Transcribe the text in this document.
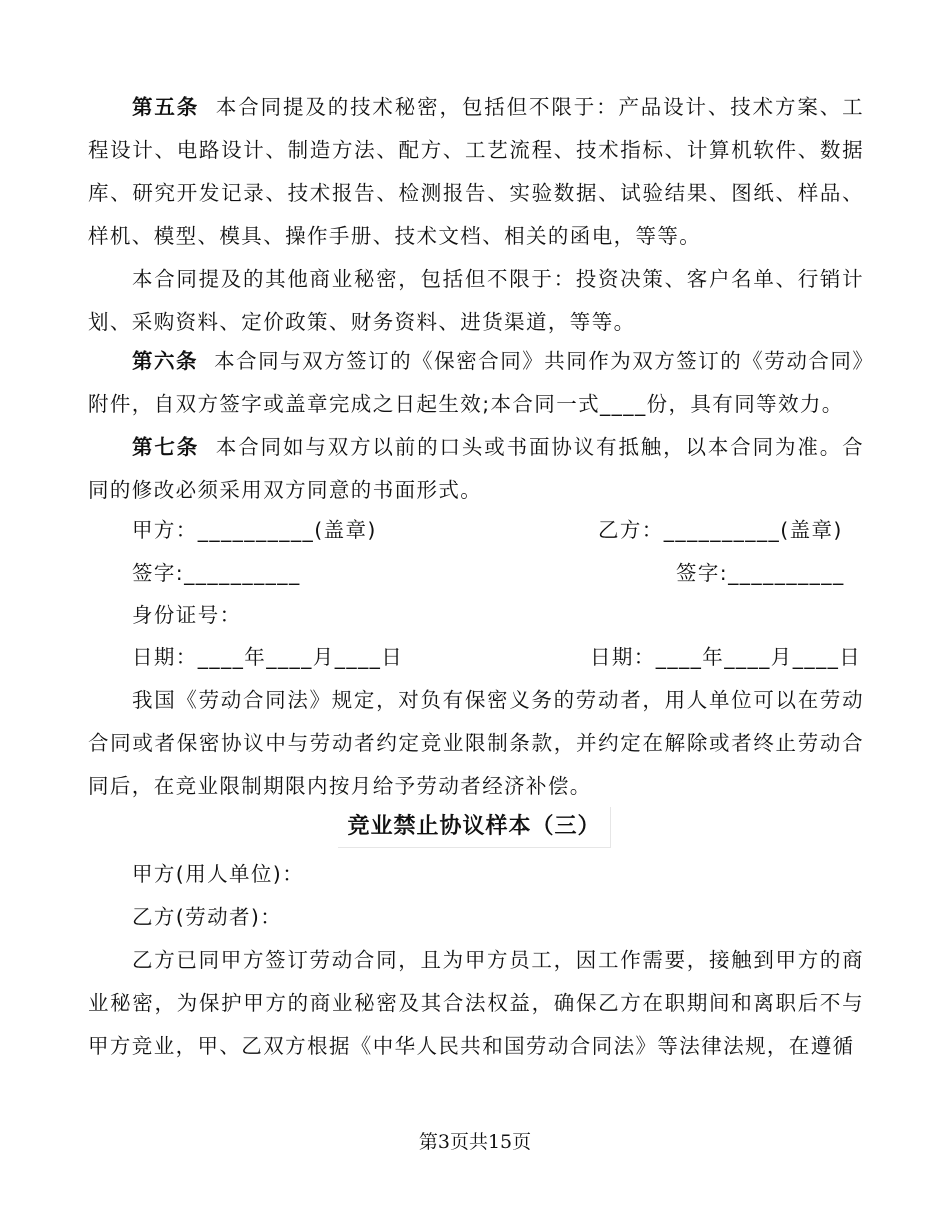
第五条 本合同提及的技术秘密，包括但不限于：产品设计、技术方案、工程设计、电路设计、制造方法、配方、工艺流程、技术指标、计算机软件、数据库、研究开发记录、技术报告、检测报告、实验数据、试验结果、图纸、样品、样机、模型、模具、操作手册、技术文档、相关的函电，等等。

本合同提及的其他商业秘密，包括但不限于：投资决策、客户名单、行销计划、采购资料、定价政策、财务资料、进货渠道，等等。

第六条 本合同与双方签订的《保密合同》共同作为双方签订的《劳动合同》附件，自双方签字或盖章完成之日起生效;本合同一式____份，具有同等效力。

第七条 本合同如与双方以前的口头或书面协议有抵触，以本合同为准。合同的修改必须采用双方同意的书面形式。

甲方：__________(盖章)	乙方：__________(盖章)

签字:__________	签字:__________

身份证号：

日期：____年____月____日	日期：____年____月____日

我国《劳动合同法》规定，对负有保密义务的劳动者，用人单位可以在劳动合同或者保密协议中与劳动者约定竞业限制条款，并约定在解除或者终止劳动合同后，在竞业限制期限内按月给予劳动者经济补偿。

竞业禁止协议样本（三）

甲方(用人单位)：

乙方(劳动者)：

乙方已同甲方签订劳动合同，且为甲方员工，因工作需要，接触到甲方的商业秘密，为保护甲方的商业秘密及其合法权益，确保乙方在职期间和离职后不与甲方竞业，甲、乙双方根据《中华人民共和国劳动合同法》等法律法规，在遵循

第3页共15页
